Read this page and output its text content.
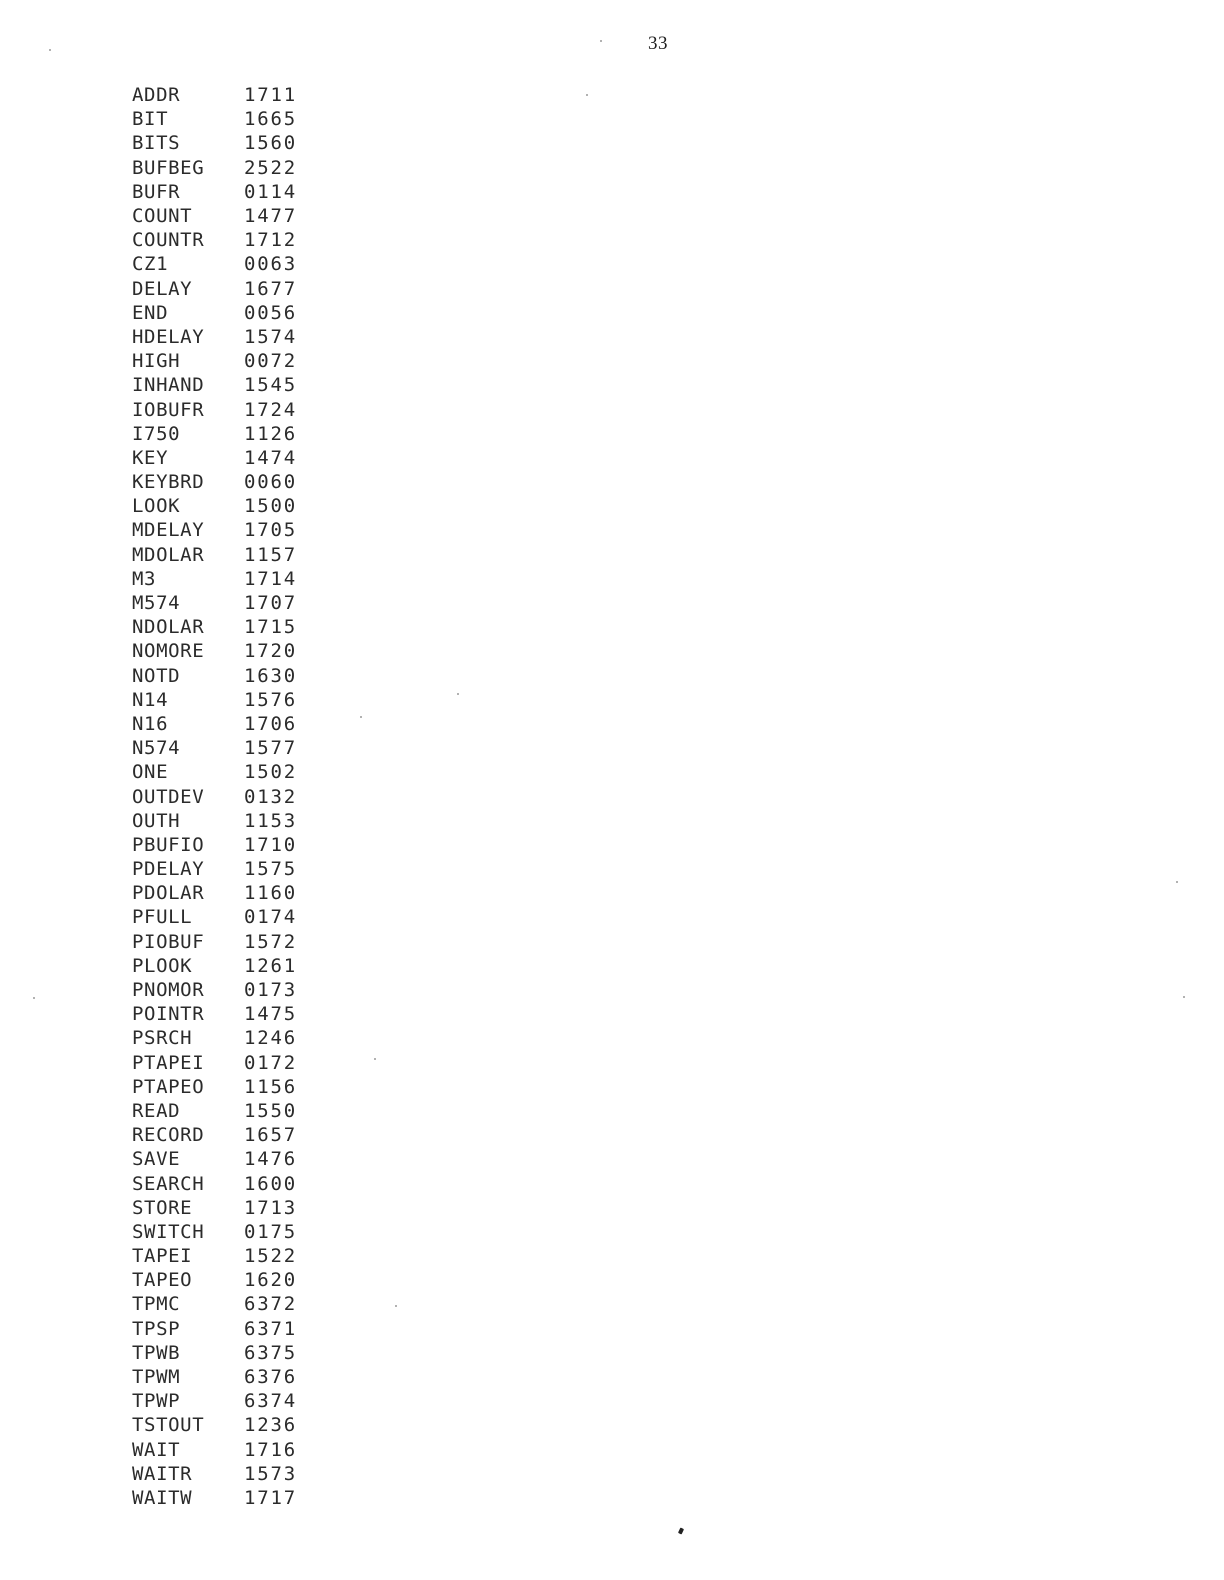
33
ADDR	1711
BIT	1665
BITS	1560
BUFBEG	2522
BUFR	0114
COUNT	1477
COUNTR	1712
CZ1	0063
DELAY	1677
END	0056
HDELAY	1574
HIGH	0072
INHAND	1545
IOBUFR	1724
I750	1126
KEY	1474
KEYBRD	0060
LOOK	1500
MDELAY	1705
MDOLAR	1157
M3	1714
M574	1707
NDOLAR	1715
NOMORE	1720
NOTD	1630
N14	1576
N16	1706
N574	1577
ONE	1502
OUTDEV	0132
OUTH	1153
PBUFIO	1710
PDELAY	1575
PDOLAR	1160
PFULL	0174
PIOBUF	1572
PLOOK	1261
PNOMOR	0173
POINTR	1475
PSRCH	1246
PTAPEI	0172
PTAPEO	1156
READ	1550
RECORD	1657
SAVE	1476
SEARCH	1600
STORE	1713
SWITCH	0175
TAPEI	1522
TAPEO	1620
TPMC	6372
TPSP	6371
TPWB	6375
TPWM	6376
TPWP	6374
TSTOUT	1236
WAIT	1716
WAITR	1573
WAITW	1717
